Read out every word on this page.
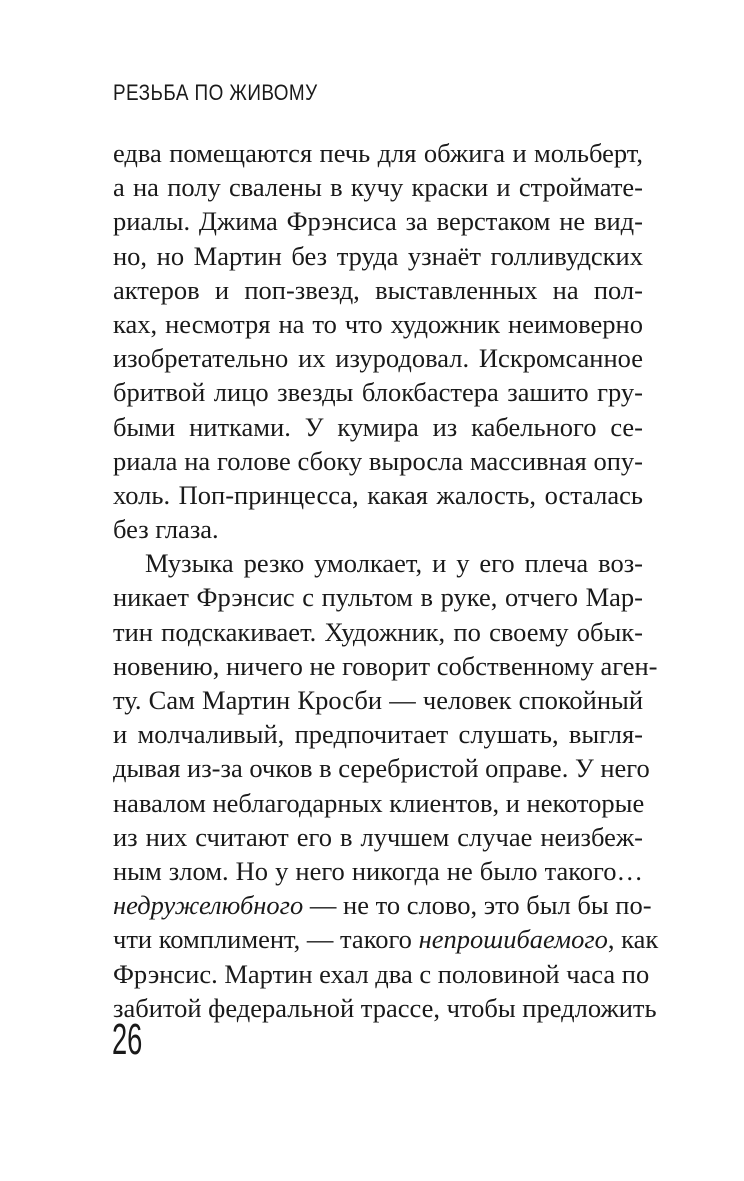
РЕЗЬБА ПО ЖИВОМУ
едва помещаются печь для обжига и мольберт,
а на полу свалены в кучу краски и строймате-
риалы. Джима Фрэнсиса за верстаком не вид-
но, но Мартин без труда узнаёт голливудских
актеров и поп-звезд, выставленных на пол-
ках, несмотря на то что художник неимоверно
изобретательно их изуродовал. Искромсанное
бритвой лицо звезды блокбастера зашито гру-
быми нитками. У кумира из кабельного се-
риала на голове сбоку выросла массивная опу-
холь. Поп-принцесса, какая жалость, осталась
без глаза.
Музыка резко умолкает, и у его плеча воз-
никает Фрэнсис с пультом в руке, отчего Мар-
тин подскакивает. Художник, по своему обык-
новению, ничего не говорит собственному аген-
ту. Сам Мартин Кросби — человек спокойный
и молчаливый, предпочитает слушать, выгля-
дывая из-за очков в серебристой оправе. У него
навалом неблагодарных клиентов, и некоторые
из них считают его в лучшем случае неизбеж-
ным злом. Но у него никогда не было такого…
недружелюбного — не то слово, это был бы по-
чти комплимент, — такого непрошибаемого, как
Фрэнсис. Мартин ехал два с половиной часа по
забитой федеральной трассе, чтобы предложить
26
